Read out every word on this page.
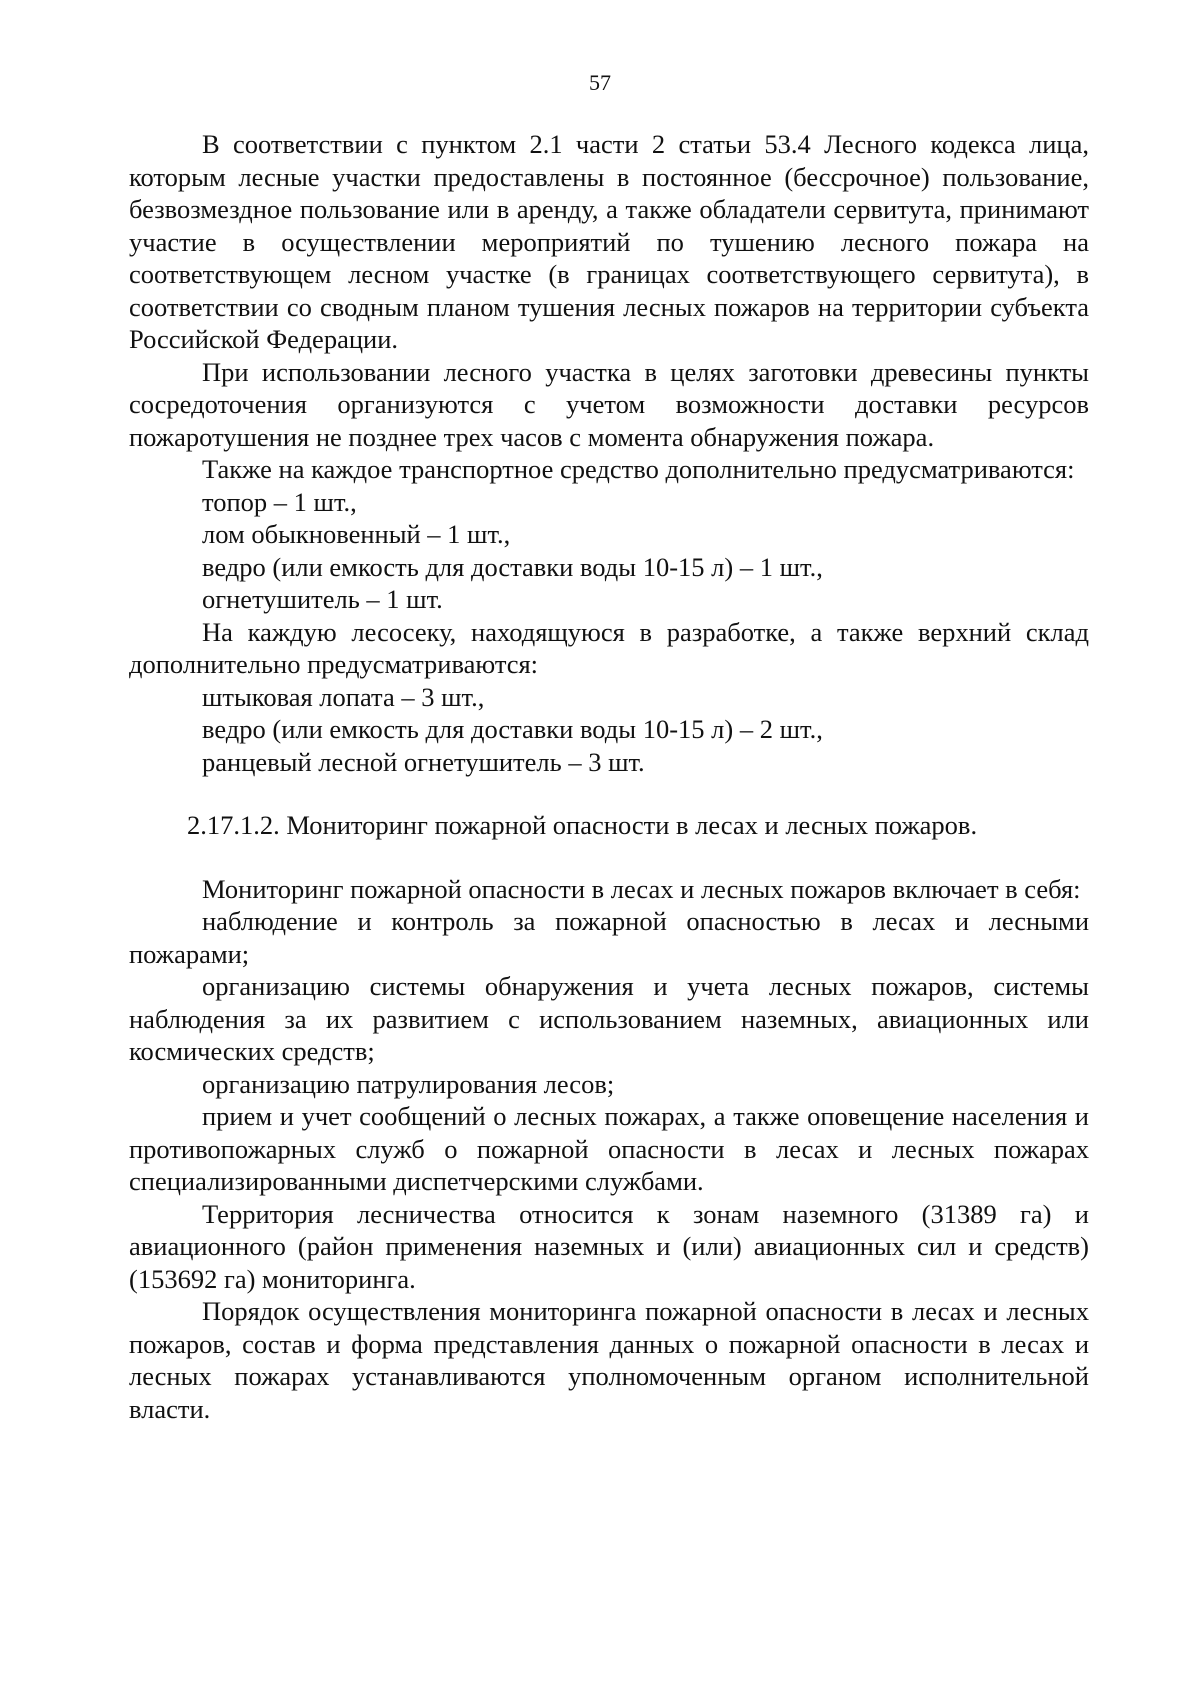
57

В соответствии с пунктом 2.1 части 2 статьи 53.4 Лесного кодекса лица, которым лесные участки предоставлены в постоянное (бессрочное) пользование, безвозмездное пользование или в аренду, а также обладатели сервитута, принимают участие в осуществлении мероприятий по тушению лесного пожара на соответствующем лесном участке (в границах соответствующего сервитута), в соответствии со сводным планом тушения лесных пожаров на территории субъекта Российской Федерации.

При использовании лесного участка в целях заготовки древесины пункты сосредоточения организуются с учетом возможности доставки ресурсов пожаротушения не позднее трех часов с момента обнаружения пожара.

Также на каждое транспортное средство дополнительно предусматриваются:

топор – 1 шт.,

лом обыкновенный – 1 шт.,

ведро (или емкость для доставки воды 10-15 л) – 1 шт.,

огнетушитель – 1 шт.

На каждую лесосеку, находящуюся в разработке, а также верхний склад дополнительно предусматриваются:

штыковая лопата – 3 шт.,

ведро (или емкость для доставки воды 10-15 л) – 2 шт.,

ранцевый лесной огнетушитель – 3 шт.

2.17.1.2. Мониторинг пожарной опасности в лесах и лесных пожаров.

Мониторинг пожарной опасности в лесах и лесных пожаров включает в себя:

наблюдение и контроль за пожарной опасностью в лесах и лесными пожарами;

организацию системы обнаружения и учета лесных пожаров, системы наблюдения за их развитием с использованием наземных, авиационных или космических средств;

организацию патрулирования лесов;

прием и учет сообщений о лесных пожарах, а также оповещение населения и противопожарных служб о пожарной опасности в лесах и лесных пожарах специализированными диспетчерскими службами.

Территория лесничества относится к зонам наземного (31389 га) и авиационного (район применения наземных и (или) авиационных сил и средств) (153692 га) мониторинга.

Порядок осуществления мониторинга пожарной опасности в лесах и лесных пожаров, состав и форма представления данных о пожарной опасности в лесах и лесных пожарах устанавливаются уполномоченным органом исполнительной власти.
